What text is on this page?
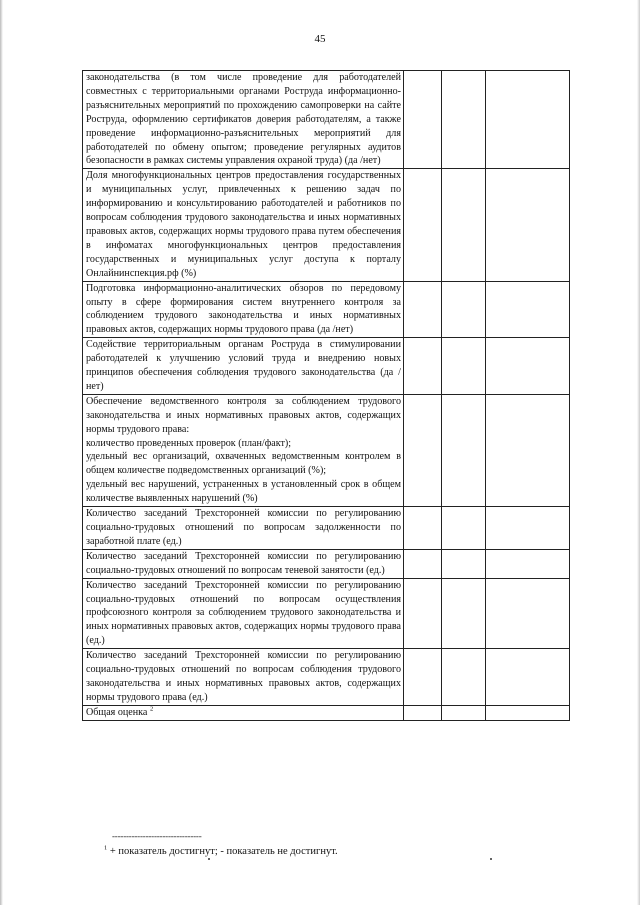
45
законодательства (в том числе проведение для работодателей совместных с территориальными органами Роструда информационно-разъяснительных мероприятий по прохождению самопроверки на сайте Роструда, оформлению сертификатов доверия работодателям, а также проведение информационно-разъяснительных мероприятий для работодателей по обмену опытом; проведение регулярных аудитов безопасности в рамках системы управления охраной труда) (да /нет)			

Доля многофункциональных центров предоставления государственных и муниципальных услуг, привлеченных к решению задач по информированию и консультированию работодателей и работников по вопросам соблюдения трудового законодательства и иных нормативных правовых актов, содержащих нормы трудового права путем обеспечения в инфоматах многофункциональных центров предоставления государственных и муниципальных услуг доступа к порталу Онлайнинспекция.рф (%)			

Подготовка информационно-аналитических обзоров по передовому опыту в сфере формирования систем внутреннего контроля за соблюдением трудового законодательства и иных нормативных правовых актов, содержащих нормы трудового права (да /нет)			

Содействие территориальным органам Роструда в стимулировании работодателей к улучшению условий труда и внедрению новых принципов обеспечения соблюдения трудового законодательства (да /нет)			

Обеспечение ведомственного контроля за соблюдением трудового законодательства и иных нормативных правовых актов, содержащих нормы трудового права:
количество проведенных проверок (план/факт);
удельный вес организаций, охваченных ведомственным контролем в общем количестве подведомственных организаций (%);
удельный вес нарушений, устраненных в установленный срок в общем количестве выявленных нарушений (%)			

Количество заседаний Трехсторонней комиссии по регулированию социально-трудовых отношений по вопросам задолженности по заработной плате (ед.)			

Количество заседаний Трехсторонней комиссии по регулированию социально-трудовых отношений по вопросам теневой занятости (ед.)			

Количество заседаний Трехсторонней комиссии по регулированию социально-трудовых отношений по вопросам осуществления профсоюзного контроля за соблюдением трудового законодательства и иных нормативных правовых актов, содержащих нормы трудового права (ед.)			

Количество заседаний Трехсторонней комиссии по регулированию социально-трудовых отношений по вопросам соблюдения трудового законодательства и иных нормативных правовых актов, содержащих нормы трудового права (ед.)			

Общая оценка $^2$			
--------------------------------
$^1$ + показатель достигнут; - показатель не достигнут.
